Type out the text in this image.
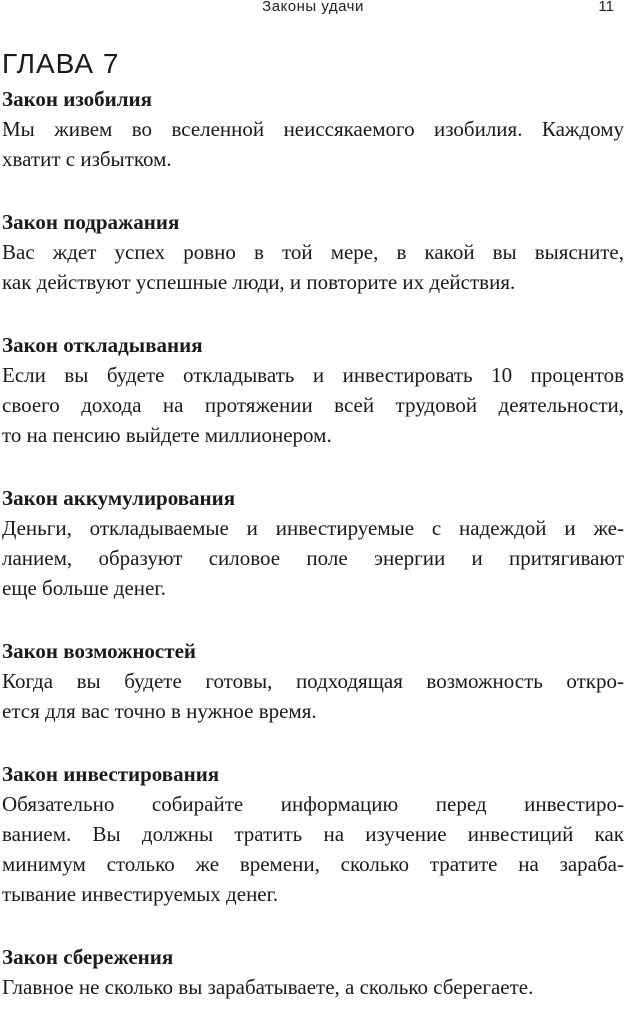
Законы удачи	11
ГЛАВА 7
Закон изобилия

Мы живем во вселенной неиссякаемого изобилия. Каждому
хватит с избытком.

Закон подражания

Вас ждет успех ровно в той мере, в какой вы выясните,
как действуют успешные люди, и повторите их действия.

Закон откладывания

Если вы будете откладывать и инвестировать 10 процентов
своего дохода на протяжении всей трудовой деятельности,
то на пенсию выйдете миллионером.

Закон аккумулирования

Деньги, откладываемые и инвестируемые с надеждой и же-
ланием, образуют силовое поле энергии и притягивают
еще больше денег.

Закон возможностей

Когда вы будете готовы, подходящая возможность откро-
ется для вас точно в нужное время.

Закон инвестирования

Обязательно собирайте информацию перед инвестиро-
ванием. Вы должны тратить на изучение инвестиций как
минимум столько же времени, сколько тратите на зараба-
тывание инвестируемых денег.

Закон сбережения

Главное не сколько вы зарабатываете, а сколько сберегаете.
